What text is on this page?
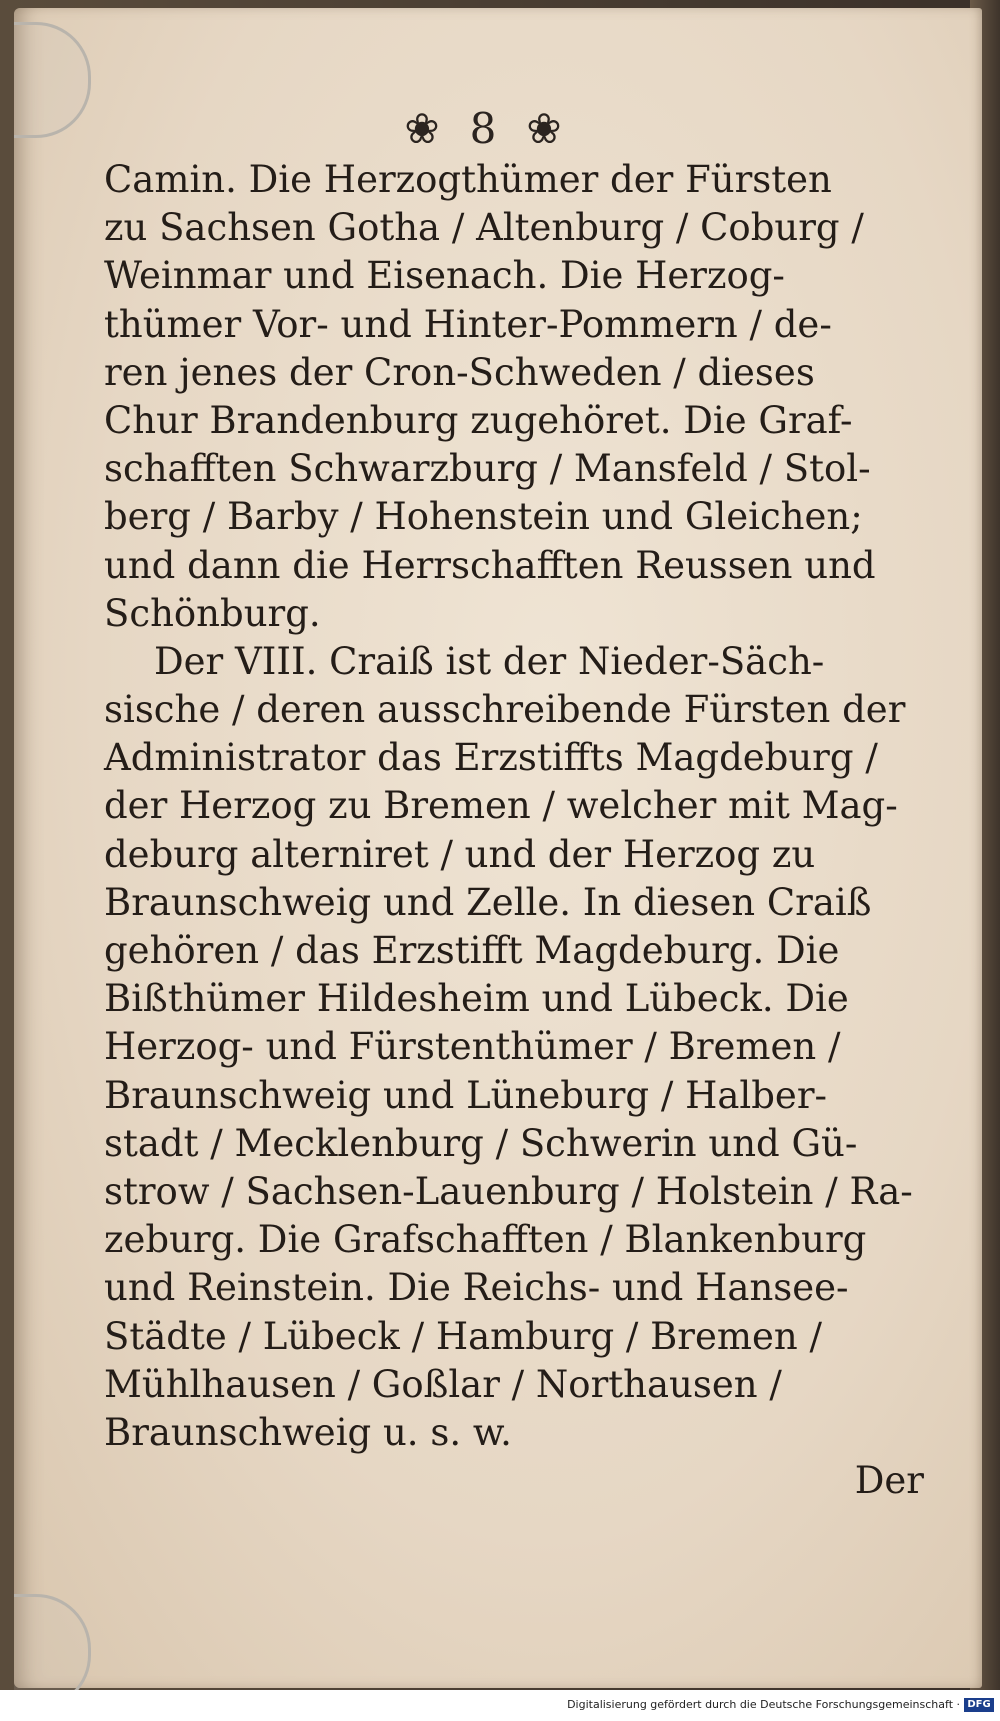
❀8❀
Camin. Die Herzogthümer der Fürsten
zu Sachsen Gotha / Altenburg / Coburg /
Weinmar und Eisenach. Die Herzog-
thümer Vor- und Hinter-Pommern / de-
ren jenes der Cron-Schweden / dieses
Chur Brandenburg zugehöret. Die Graf-
schafften Schwarzburg / Mansfeld / Stol-
berg / Barby / Hohenstein und Gleichen;
und dann die Herrschafften Reussen und
Schönburg.
Der VIII. Craiß ist der Nieder-Säch-
sische / deren ausschreibende Fürsten der
Administrator das Erzstiffts Magdeburg /
der Herzog zu Bremen / welcher mit Mag-
deburg alterniret / und der Herzog zu
Braunschweig und Zelle. In diesen Craiß
gehören / das Erzstifft Magdeburg. Die
Bißthümer Hildesheim und Lübeck. Die
Herzog- und Fürstenthümer / Bremen /
Braunschweig und Lüneburg / Halber-
stadt / Mecklenburg / Schwerin und Gü-
strow / Sachsen-Lauenburg / Holstein / Ra-
zeburg. Die Grafschafften / Blankenburg
und Reinstein. Die Reichs- und Hansee-
Städte / Lübeck / Hamburg / Bremen /
Mühlhausen / Goßlar / Northausen /
Braunschweig u. s. w.
Der
Digitalisierung gefördert durch die Deutsche Forschungsgemeinschaft · DFG
